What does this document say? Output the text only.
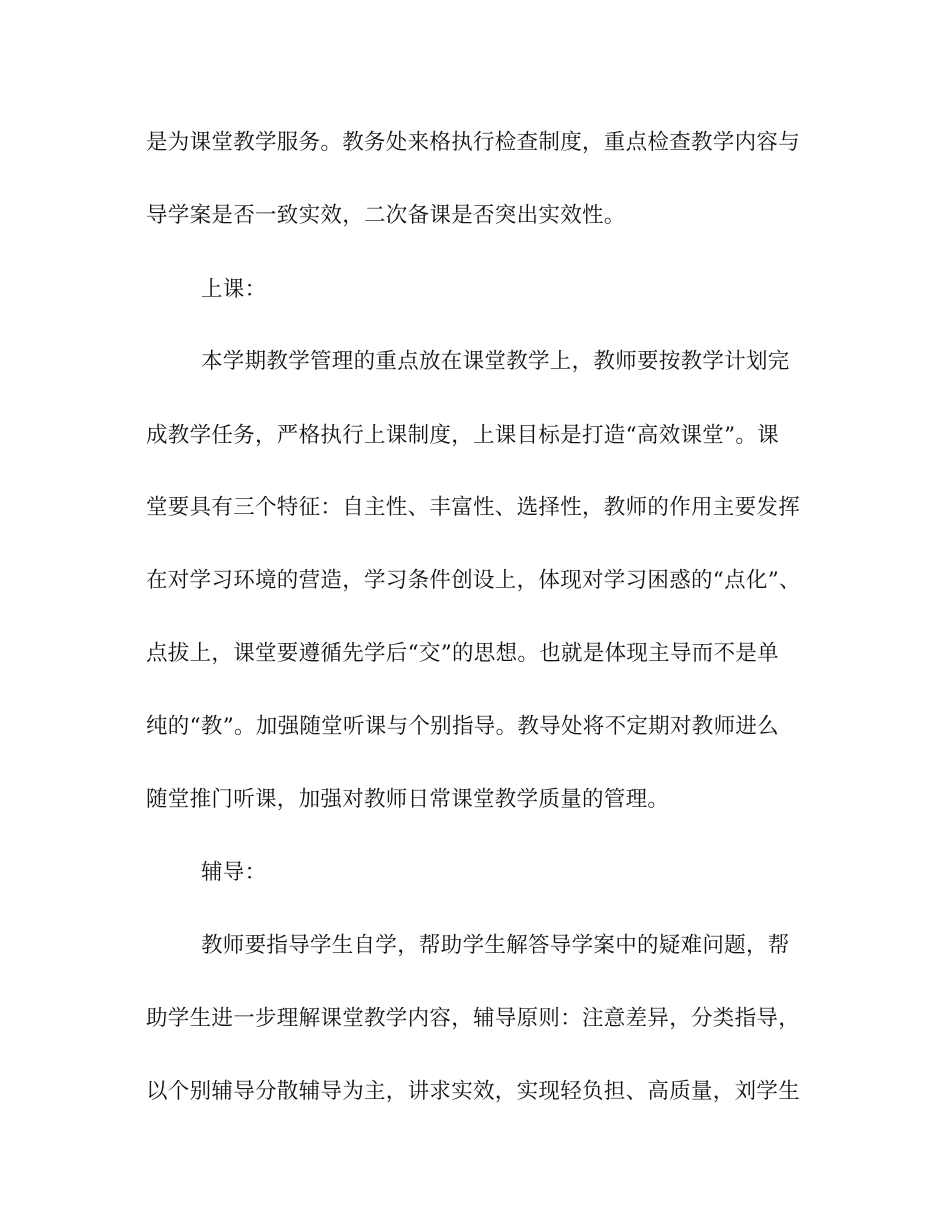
是为课堂教学服务。教务处来格执行检查制度，重点检查教学内容与
导学案是否一致实效，二次备课是否突出实效性。
上课：
本学期教学管理的重点放在课堂教学上，教师要按教学计划完
成教学任务，严格执行上课制度，上课目标是打造“高效课堂”。课
堂要具有三个特征：自主性、丰富性、选择性，教师的作用主要发挥
在对学习环境的营造，学习条件创设上，体现对学习困惑的“点化”、
点拔上，课堂要遵循先学后“交”的思想。也就是体现主导而不是单
纯的“教”。加强随堂听课与个别指导。教导处将不定期对教师进么
随堂推门听课，加强对教师日常课堂教学质量的管理。
辅导：
教师要指导学生自学，帮助学生解答导学案中的疑难问题，帮
助学生进一步理解课堂教学内容，辅导原则：注意差异，分类指导，
以个别辅导分散辅导为主，讲求实效，实现轻负担、高质量，刘学生
